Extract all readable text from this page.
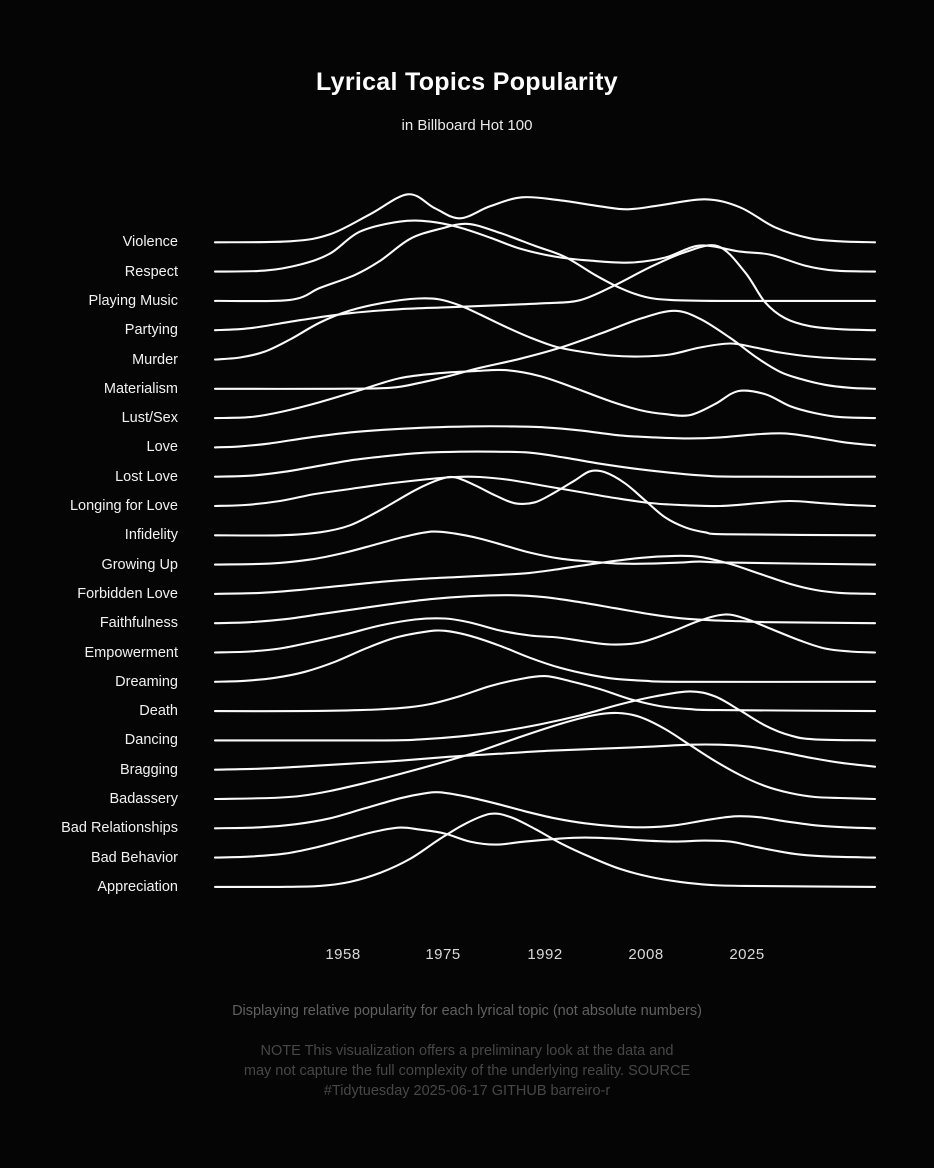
Lyrical Topics Popularity
in Billboard Hot 100
Violence
Respect
Playing Music
Partying
Murder
Materialism
Lust/Sex
Love
Lost Love
Longing for Love
Infidelity
Growing Up
Forbidden Love
Faithfulness
Empowerment
Dreaming
Death
Dancing
Bragging
Badassery
Bad Relationships
Bad Behavior
Appreciation
1958	1975	1992	2008	2025
Displaying relative popularity for each lyrical topic (not absolute numbers)
NOTE This visualization offers a preliminary look at the data and
may not capture the full complexity of the underlying reality. SOURCE
#Tidytuesday 2025-06-17 GITHUB barreiro-r
